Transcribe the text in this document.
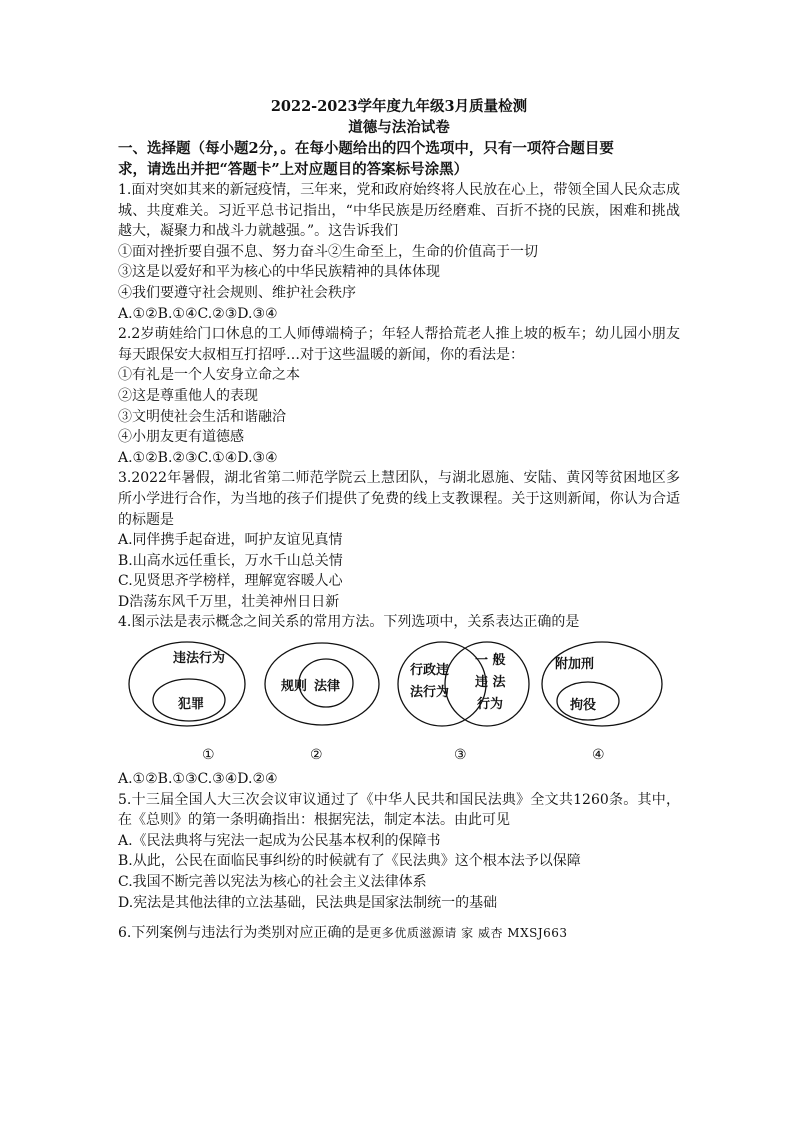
2022-2023学年度九年级3月质量检测
道德与法治试卷
一、选择题（每小题2分，。在每小题给出的四个选项中，只有一项符合题目要
求，请选出并把“答题卡”上对应题目的答案标号涂黑）
1.面对突如其来的新冠疫情，三年来，党和政府始终将人民放在心上，带领全国人民众志成城、共度难关。习近平总书记指出，“中华民族是历经磨难、百折不挠的民族，困难和挑战越大，凝聚力和战斗力就越强。”。这告诉我们
①面对挫折要自强不息、努力奋斗②生命至上，生命的价值高于一切
③这是以爱好和平为核心的中华民族精神的具体体现
④我们要遵守社会规则、维护社会秩序
A.①②B.①④C.②③D.③④
2.2岁萌娃给门口休息的工人师傅端椅子；年轻人帮拾荒老人推上坡的板车；幼儿园小朋友每天跟保安大叔相互打招呼…对于这些温暖的新闻，你的看法是：
①有礼是一个人安身立命之本
②这是尊重他人的表现
③文明使社会生活和谐融洽
④小朋友更有道德感
A.①②B.②③C.①④D.③④
3.2022年暑假，湖北省第二师范学院云上慧团队，与湖北恩施、安陆、黄冈等贫困地区多所小学进行合作，为当地的孩子们提供了免费的线上支教课程。关于这则新闻，你认为合适的标题是
A.同伴携手起奋进，呵护友谊见真情
B.山高水远任重长，万水千山总关情
C.见贤思齐学榜样，理解宽容暖人心
D浩荡东风千万里，壮美神州日日新
4.图示法是表示概念之间关系的常用方法。下列选项中，关系表达正确的是
违法行为
犯罪
①
规则 法律
②
行政违
法行为
一 般
违 法
行为
③
附加刑
拘役
④
A.①②B.①③C.③④D.②④
5.十三届全国人大三次会议审议通过了《中华人民共和国民法典》全文共1260条。其中，在《总则》的第一条明确指出：根据宪法，制定本法。由此可见
A.《民法典将与宪法一起成为公民基本权利的保障书
B.从此，公民在面临民事纠纷的时候就有了《民法典》这个根本法予以保障
C.我国不断完善以宪法为核心的社会主义法律体系
D.宪法是其他法律的立法基础，民法典是国家法制统一的基础
6.下列案例与违法行为类别对应正确的是更多优质滋源请 家 威杏 MXSJ663
